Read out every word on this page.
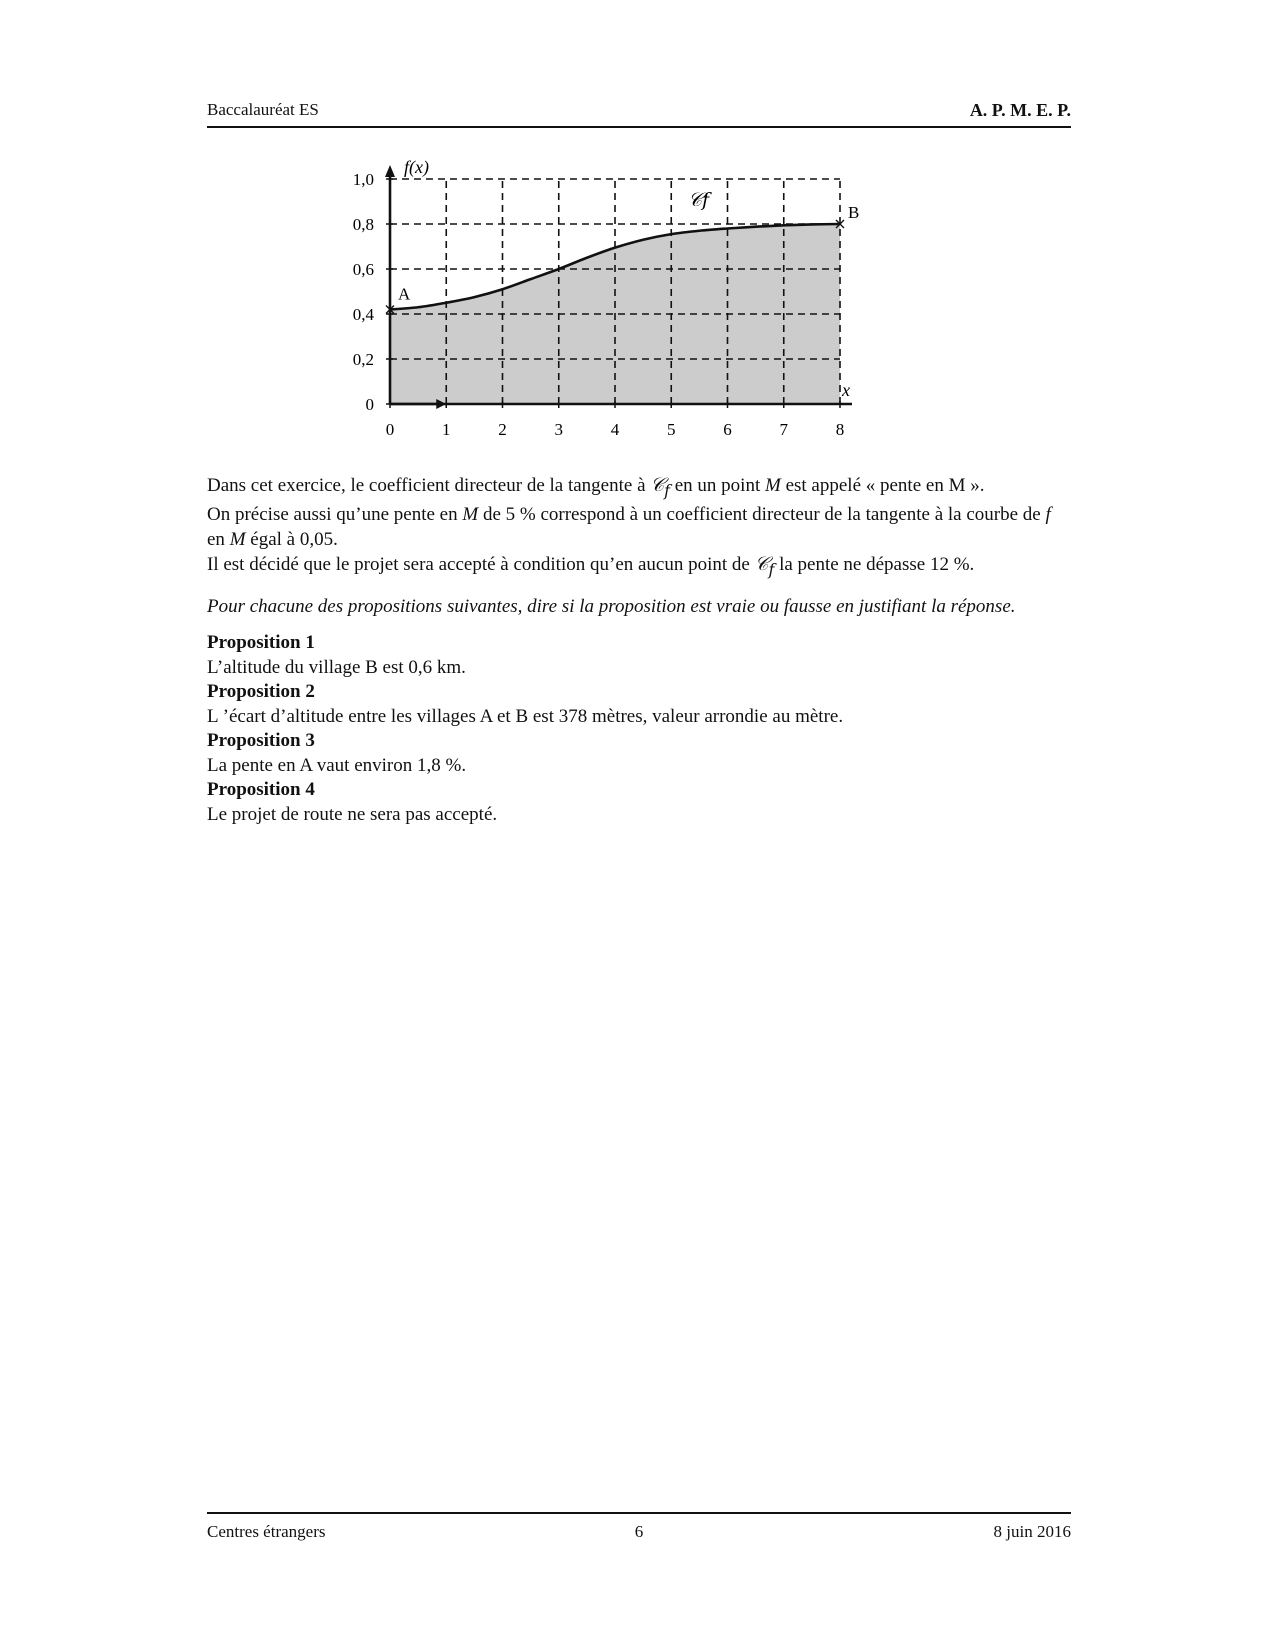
Baccalauréat ES	A. P. M. E. P.
0	1	2	3	4	5	6	7	8
0
0,2
0,4
0,6
0,8
1,0
f(x)
x
𝒞f
A
B

Dans cet exercice, le coefficient directeur de la tangente à 𝒞$_f$ en un point M est appelé « pente en M ».

On précise aussi qu’une pente en M de 5 % correspond à un coefficient directeur de la tangente à la courbe de f en M égal à 0,05.

Il est décidé que le projet sera accepté à condition qu’en aucun point de 𝒞$_f$ la pente ne dépasse 12 %.

Pour chacune des propositions suivantes, dire si la proposition est vraie ou fausse en justifiant la réponse.

Proposition 1

L’altitude du village B est 0,6 km.

Proposition 2

L ’écart d’altitude entre les villages A et B est 378 mètres, valeur arrondie au mètre.

Proposition 3

La pente en A vaut environ 1,8 %.

Proposition 4

Le projet de route ne sera pas accepté.

Centres étrangers	6	8 juin 2016
